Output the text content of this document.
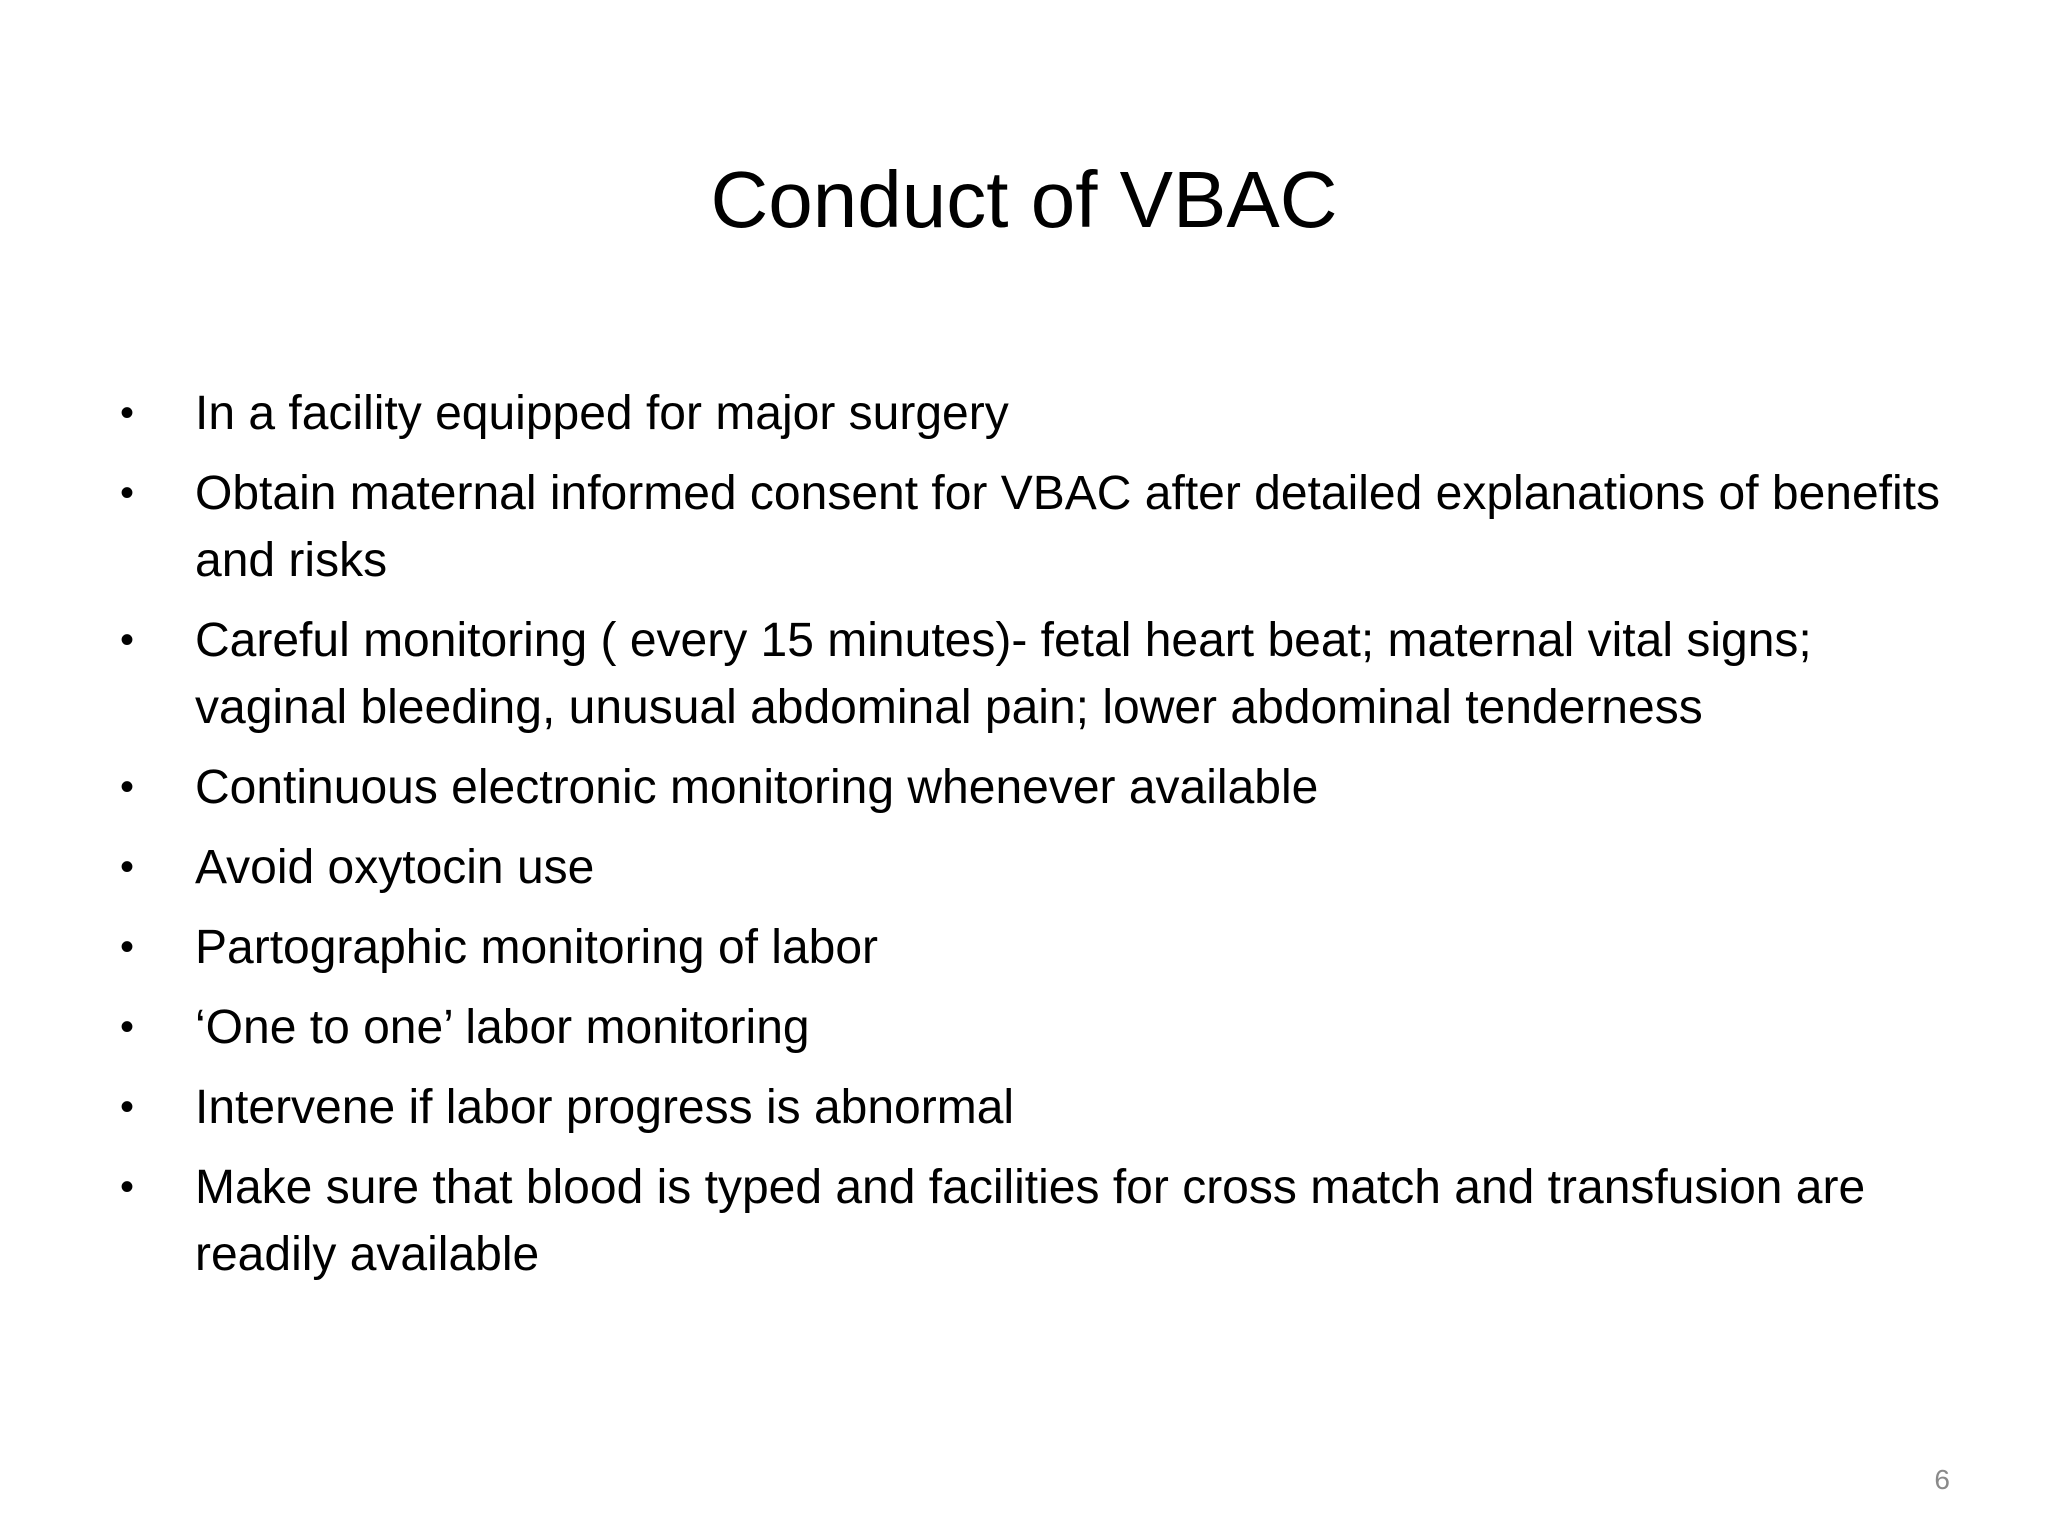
Conduct of VBAC
•	In a facility equipped for major surgery
•	Obtain maternal informed consent for VBAC after detailed explanations of benefits and risks
•	Careful monitoring ( every 15 minutes)- fetal heart beat; maternal vital signs; vaginal bleeding, unusual abdominal pain; lower abdominal tenderness
•	Continuous electronic monitoring whenever available
•	Avoid oxytocin use
•	Partographic monitoring of labor
•	‘One to one’ labor monitoring
•	Intervene if labor progress is abnormal
•	Make sure that blood is typed and facilities for cross match and transfusion are readily available
6
